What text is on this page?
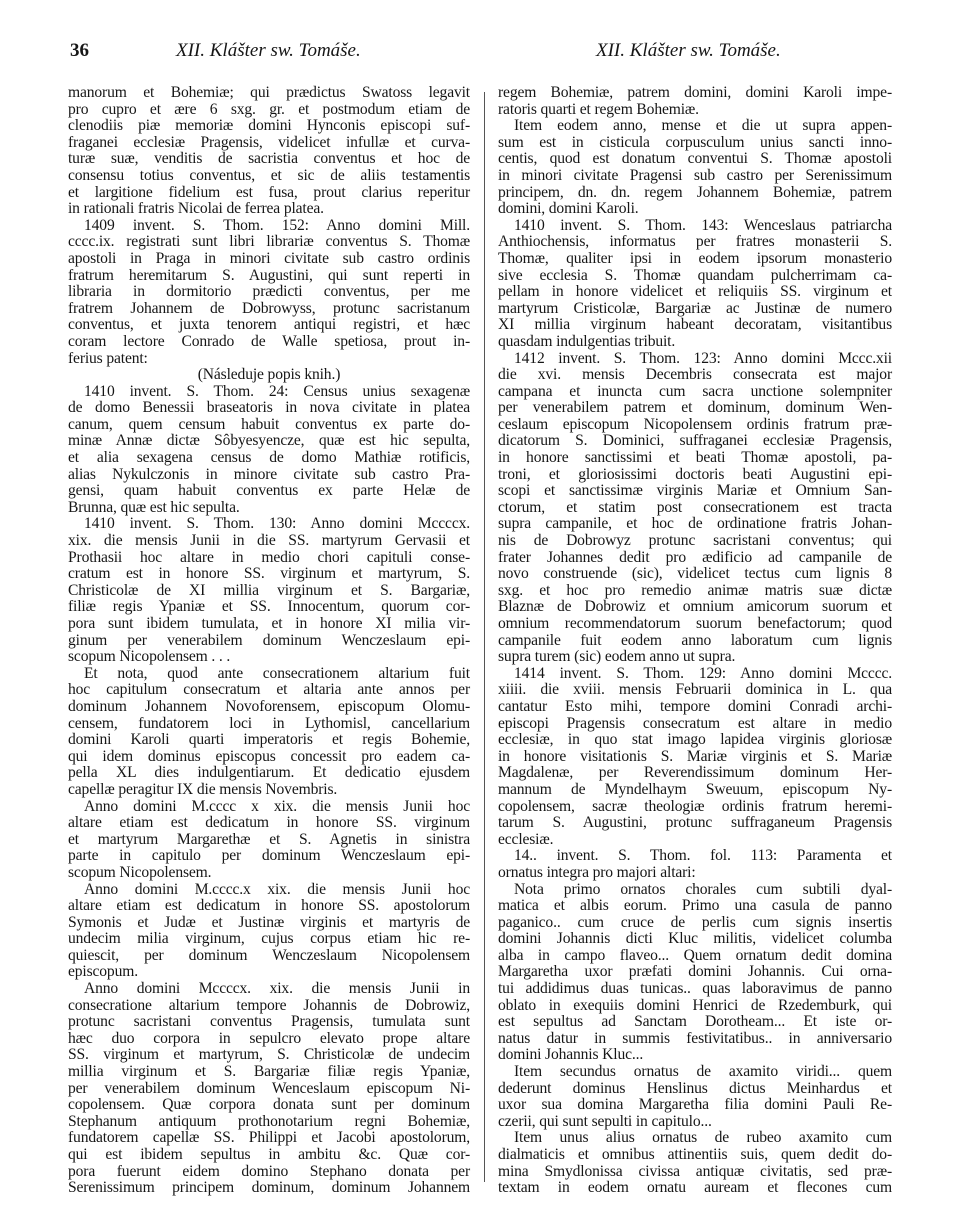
36	XII. Klášter sw. Tomáše.	XII. Klášter sw. Tomáše.
manorum et Bohemiæ; qui prædictus Swatoss legavit
pro cupro et ære 6 sxg. gr. et postmodum etiam de
clenodiis piæ memoriæ domini Hynconis episcopi suf-
fraganei ecclesiæ Pragensis, videlicet infullæ et curva-
turæ suæ, venditis de sacristia conventus et hoc de
consensu totius conventus, et sic de aliis testamentis
et largitione fidelium est fusa, prout clarius reperitur
in rationali fratris Nicolai de ferrea platea.
1409 invent. S. Thom. 152: Anno domini Mill.
cccc.ix. registrati sunt libri librariæ conventus S. Thomæ
apostoli in Praga in minori civitate sub castro ordinis
fratrum heremitarum S. Augustini, qui sunt reperti in
libraria in dormitorio prædicti conventus, per me
fratrem Johannem de Dobrowyss, protunc sacristanum
conventus, et juxta tenorem antiqui registri, et hæc
coram lectore Conrado de Walle spetiosa, prout in-
ferius patent:
(Následuje popis knih.)
1410 invent. S. Thom. 24: Census unius sexagenæ
de domo Benessii braseatoris in nova civitate in platea
canum, quem censum habuit conventus ex parte do-
minæ Annæ dictæ Sôbyesyencze, quæ est hic sepulta,
et alia sexagena census de domo Mathiæ rotificis,
alias Nykulczonis in minore civitate sub castro Pra-
gensi, quam habuit conventus ex parte Helæ de
Brunna, quæ est hic sepulta.
1410 invent. S. Thom. 130: Anno domini Mccccx.
xix. die mensis Junii in die SS. martyrum Gervasii et
Prothasii hoc altare in medio chori capituli conse-
cratum est in honore SS. virginum et martyrum, S.
Christicolæ de XI millia virginum et S. Bargariæ,
filiæ regis Ypaniæ et SS. Innocentum, quorum cor-
pora sunt ibidem tumulata, et in honore XI milia vir-
ginum per venerabilem dominum Wenczeslaum epi-
scopum Nicopolensem . . .
Et nota, quod ante consecrationem altarium fuit
hoc capitulum consecratum et altaria ante annos per
dominum Johannem Novoforensem, episcopum Olomu-
censem, fundatorem loci in Lythomisl, cancellarium
domini Karoli quarti imperatoris et regis Bohemie,
qui idem dominus episcopus concessit pro eadem ca-
pella XL dies indulgentiarum. Et dedicatio ejusdem
capellæ peragitur IX die mensis Novembris.
Anno domini M.cccc x xix. die mensis Junii hoc
altare etiam est dedicatum in honore SS. virginum
et martyrum Margarethæ et S. Agnetis in sinistra
parte in capitulo per dominum Wenczeslaum epi-
scopum Nicopolensem.
Anno domini M.cccc.x xix. die mensis Junii hoc
altare etiam est dedicatum in honore SS. apostolorum
Symonis et Judæ et Justinæ virginis et martyris de
undecim milia virginum, cujus corpus etiam hic re-
quiescit, per dominum Wenczeslaum Nicopolensem
episcopum.
Anno domini Mccccx. xix. die mensis Junii in
consecratione altarium tempore Johannis de Dobrowiz,
protunc sacristani conventus Pragensis, tumulata sunt
hæc duo corpora in sepulcro elevato prope altare
SS. virginum et martyrum, S. Christicolæ de undecim
millia virginum et S. Bargariæ filiæ regis Ypaniæ,
per venerabilem dominum Wenceslaum episcopum Ni-
copolensem. Quæ corpora donata sunt per dominum
Stephanum antiquum prothonotarium regni Bohemiæ,
fundatorem capellæ SS. Philippi et Jacobi apostolorum,
qui est ibidem sepultus in ambitu &c. Quæ cor-
pora fuerunt eidem domino Stephano donata per
Serenissimum principem dominum, dominum Johannem
regem Bohemiæ, patrem domini, domini Karoli impe-
ratoris quarti et regem Bohemiæ.
Item eodem anno, mense et die ut supra appen-
sum est in cisticula corpusculum unius sancti inno-
centis, quod est donatum conventui S. Thomæ apostoli
in minori civitate Pragensi sub castro per Serenissimum
principem, dn. dn. regem Johannem Bohemiæ, patrem
domini, domini Karoli.
1410 invent. S. Thom. 143: Wenceslaus patriarcha
Anthiochensis, informatus per fratres monasterii S.
Thomæ, qualiter ipsi in eodem ipsorum monasterio
sive ecclesia S. Thomæ quandam pulcherrimam ca-
pellam in honore videlicet et reliquiis SS. virginum et
martyrum Cristicolæ, Bargariæ ac Justinæ de numero
XI millia virginum habeant decoratam, visitantibus
quasdam indulgentias tribuit.
1412 invent. S. Thom. 123: Anno domini Mccc.xii
die xvi. mensis Decembris consecrata est major
campana et inuncta cum sacra unctione solempniter
per venerabilem patrem et dominum, dominum Wen-
ceslaum episcopum Nicopolensem ordinis fratrum præ-
dicatorum S. Dominici, suffraganei ecclesiæ Pragensis,
in honore sanctissimi et beati Thomæ apostoli, pa-
troni, et gloriosissimi doctoris beati Augustini epi-
scopi et sanctissimæ virginis Mariæ et Omnium San-
ctorum, et statim post consecrationem est tracta
supra campanile, et hoc de ordinatione fratris Johan-
nis de Dobrowyz protunc sacristani conventus; qui
frater Johannes dedit pro ædificio ad campanile de
novo construende (sic), videlicet tectus cum lignis 8
sxg. et hoc pro remedio animæ matris suæ dictæ
Blaznæ de Dobrowiz et omnium amicorum suorum et
omnium recommendatorum suorum benefactorum; quod
campanile fuit eodem anno laboratum cum lignis
supra turem (sic) eodem anno ut supra.
1414 invent. S. Thom. 129: Anno domini Mcccc.
xiiii. die xviii. mensis Februarii dominica in L. qua
cantatur Esto mihi, tempore domini Conradi archi-
episcopi Pragensis consecratum est altare in medio
ecclesiæ, in quo stat imago lapidea virginis gloriosæ
in honore visitationis S. Mariæ virginis et S. Mariæ
Magdalenæ, per Reverendissimum dominum Her-
mannum de Myndelhaym Sweuum, episcopum Ny-
copolensem, sacræ theologiæ ordinis fratrum heremi-
tarum S. Augustini, protunc suffraganeum Pragensis
ecclesiæ.
14.. invent. S. Thom. fol. 113: Paramenta et
ornatus integra pro majori altari:
Nota primo ornatos chorales cum subtili dyal-
matica et albis eorum. Primo una casula de panno
paganico.. cum cruce de perlis cum signis insertis
domini Johannis dicti Kluc militis, videlicet columba
alba in campo flaveo... Quem ornatum dedit domina
Margaretha uxor præfati domini Johannis. Cui orna-
tui addidimus duas tunicas.. quas laboravimus de panno
oblato in exequiis domini Henrici de Rzedemburk, qui
est sepultus ad Sanctam Dorotheam... Et iste or-
natus datur in summis festivitatibus.. in anniversario
domini Johannis Kluc...
Item secundus ornatus de axamito viridi... quem
dederunt dominus Henslinus dictus Meinhardus et
uxor sua domina Margaretha filia domini Pauli Re-
czerii, qui sunt sepulti in capitulo...
Item unus alius ornatus de rubeo axamito cum
dialmaticis et omnibus attinentiis suis, quem dedit do-
mina Smydlonissa civissa antiquæ civitatis, sed præ-
textam in eodem ornatu auream et flecones cum
